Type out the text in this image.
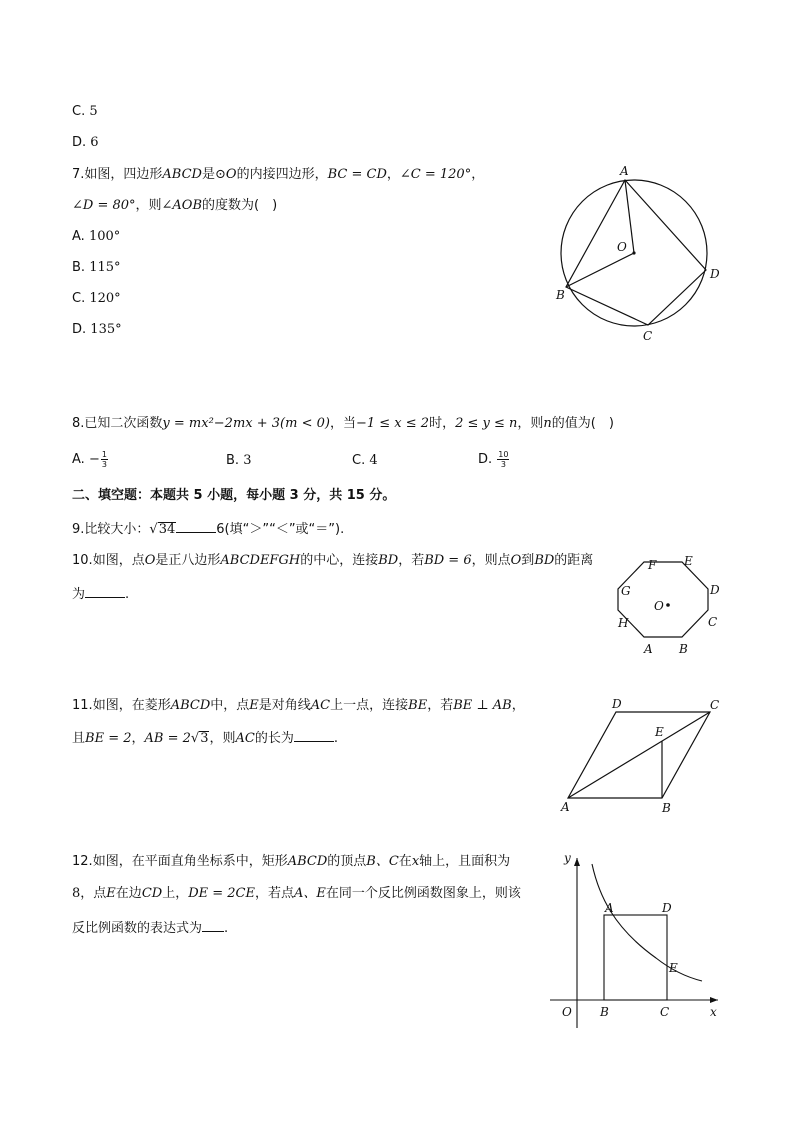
C. 5
D. 6
7.如图，四边形ABCD是⊙O的内接四边形，BC = CD，∠C = 120°，
∠D = 80°，则∠AOB的度数为(　)
A. 100°
B. 115°
C. 120°
D. 135°
A
O
D
B
C
8.已知二次函数y = mx²−2mx + 3(m < 0)，当−1 ≤ x ≤ 2时，2 ≤ y ≤ n，则n的值为(　)
A. − $\frac{1}{3}$	B. 3	C. 4	D. $\frac{10}{3}$
二、填空题：本题共 5 小题，每小题 3 分，共 15 分。
9.比较大小：√34	6(填“＞”“＜”或“＝”).
10.如图，点O是正八边形ABCDEFGH的中心，连接BD，若BD = 6，则点O到BD的距离
为	.
F E
G	D
O
H	C
A B
11.如图，在菱形ABCD中，点E是对角线AC上一点，连接BE，若BE ⊥ AB，
且BE = 2，AB = 2√3，则AC的长为	.
D	C
E
A	B
12.如图，在平面直角坐标系中，矩形ABCD的顶点B、C在x轴上，且面积为
8，点E在边CD上，DE = 2CE，若点A、E在同一个反比例函数图象上，则该
反比例函数的表达式为 .
y
A	D
E
O B	C	x
